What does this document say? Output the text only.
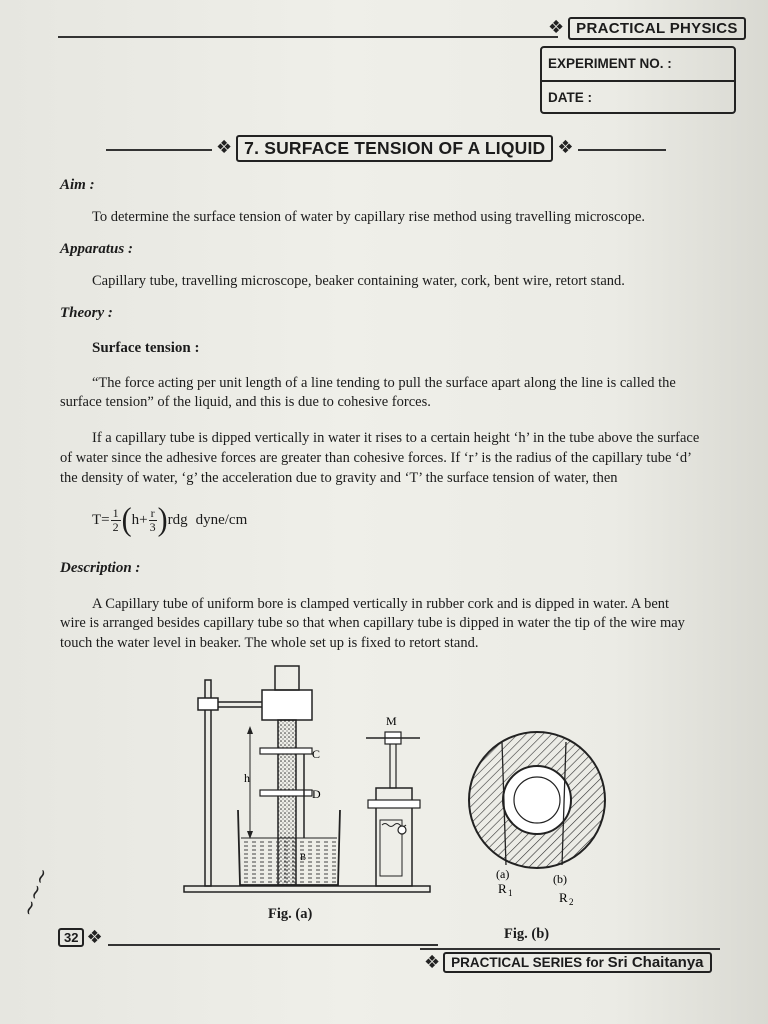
❖ PRACTICAL PHYSICS
EXPERIMENT NO. :
DATE :
❖ 7. SURFACE TENSION OF A LIQUID ❖
Aim :
To determine the surface tension of water by capillary rise method using travelling microscope.
Apparatus :
Capillary tube, travelling microscope, beaker containing water, cork, bent wire, retort stand.
Theory :
Surface tension :
“The force acting per unit length of a line tending to pull the surface apart along the line is called the
surface tension” of the liquid, and this is due to cohesive forces.
If a capillary tube is dipped vertically in water it rises to a certain height ‘h’ in the tube above the surface
of water since the adhesive forces are greater than cohesive forces. If ‘r’ is the radius of the capillary tube ‘d’
the density of water, ‘g’ the acceleration due to gravity and ‘T’ the surface tension of water, then
$T= \frac{1}{2}$ ( $h+ \frac{r}{3}$ ) rdg dyne/cm
Description :
A Capillary tube of uniform bore is clamped vertically in rubber cork and is dipped in water. A bent
wire is arranged besides capillary tube so that when capillary tube is dipped in water the tip of the wire may
touch the water level in beaker. The whole set up is fixed to retort stand.
h
C
D
B
M
Fig. (a)
(a)
R 1
(b)
R 2
Fig. (b)
~~~
32 ❖
❖ PRACTICAL SERIES for Sri Chaitanya
